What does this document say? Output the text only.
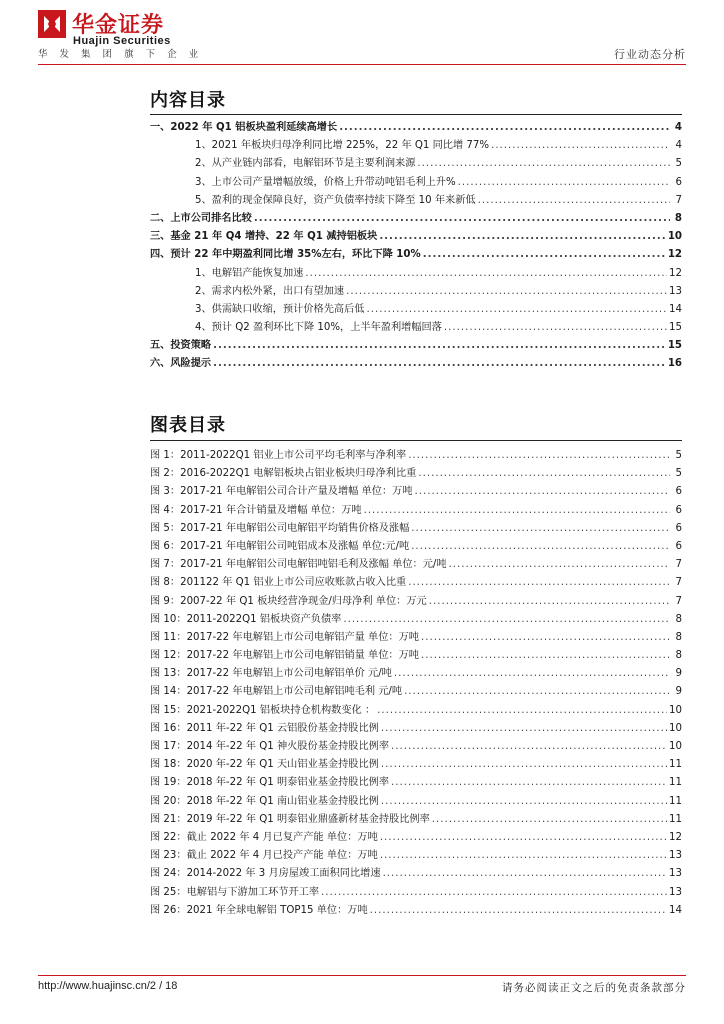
华金证券
Huajin Securities
华 发 集 团 旗 下 企 业	行业动态分析
内容目录
一、2022 年 Q1 铝板块盈利延续高增长 .....	4
1、2021 年板块归母净利同比增 225%，22 年 Q1 同比增 77% .....	4
2、从产业链内部看，电解铝环节是主要利润来源 .....	5
3、上市公司产量增幅放缓，价格上升带动吨铝毛利上升% .....	6
5、盈利的现金保障良好，资产负债率持续下降至 10 年来新低 .....	7
二、上市公司排名比较 .....	8
三、基金 21 年 Q4 增持、22 年 Q1 减持铝板块 .....	10
四、预计 22 年中期盈利同比增 35%左右，环比下降 10% .....	12
1、电解铝产能恢复加速 .....	12
2、需求内松外紧，出口有望加速 .....	13
3、供需缺口收缩，预计价格先高后低 .....	14
4、预计 Q2 盈利环比下降 10%，上半年盈利增幅回落 .....	15
五、投资策略 .....	15
六、风险提示 .....	16
图表目录
图 1：2011-2022Q1 铝业上市公司平均毛利率与净利率 .....	5
图 2：2016-2022Q1 电解铝板块占铝业板块归母净利比重 .....	5
图 3：2017-21 年电解铝公司合计产量及增幅 单位：万吨 .....	6
图 4：2017-21 年合计销量及增幅 单位：万吨 .....	6
图 5：2017-21 年电解铝公司电解铝平均销售价格及涨幅 .....	6
图 6：2017-21 年电解铝公司吨铝成本及涨幅 单位:元/吨 .....	6
图 7：2017-21 年电解铝公司电解铝吨铝毛利及涨幅 单位：元/吨 .....	7
图 8：201122 年 Q1 铝业上市公司应收账款占收入比重 .....	7
图 9：2007-22 年 Q1 板块经营净现金/归母净利 单位：万元 .....	7
图 10：2011-2022Q1 铝板块资产负债率 .....	8
图 11：2017-22 年电解铝上市公司电解铝产量 单位：万吨 .....	8
图 12：2017-22 年电解铝上市公司电解铝销量 单位：万吨 .....	8
图 13：2017-22 年电解铝上市公司电解铝单价 元/吨 .....	9
图 14：2017-22 年电解铝上市公司电解铝吨毛利 元/吨 .....	9
图 15：2021-2022Q1 铝板块持仓机构数变化 ： .....	10
图 16：2011 年-22 年 Q1 云铝股份基金持股比例 .....	10
图 17：2014 年-22 年 Q1 神火股份基金持股比例率 .....	10
图 18：2020 年-22 年 Q1 天山铝业基金持股比例 .....	11
图 19：2018 年-22 年 Q1 明泰铝业基金持股比例率 .....	11
图 20：2018 年-22 年 Q1 南山铝业基金持股比例 .....	11
图 21：2019 年-22 年 Q1 明泰铝业鼎盛新材基金持股比例率 .....	11
图 22：截止 2022 年 4 月已复产产能 单位：万吨 .....	12
图 23：截止 2022 年 4 月已投产产能 单位：万吨 .....	13
图 24：2014-2022 年 3 月房屋竣工面积同比增速 .....	13
图 25：电解铝与下游加工环节开工率 .....	13
图 26：2021 年全球电解铝 TOP15 单位：万吨 .....	14
http://www.huajinsc.cn/2 / 18	请务必阅读正文之后的免责条款部分
